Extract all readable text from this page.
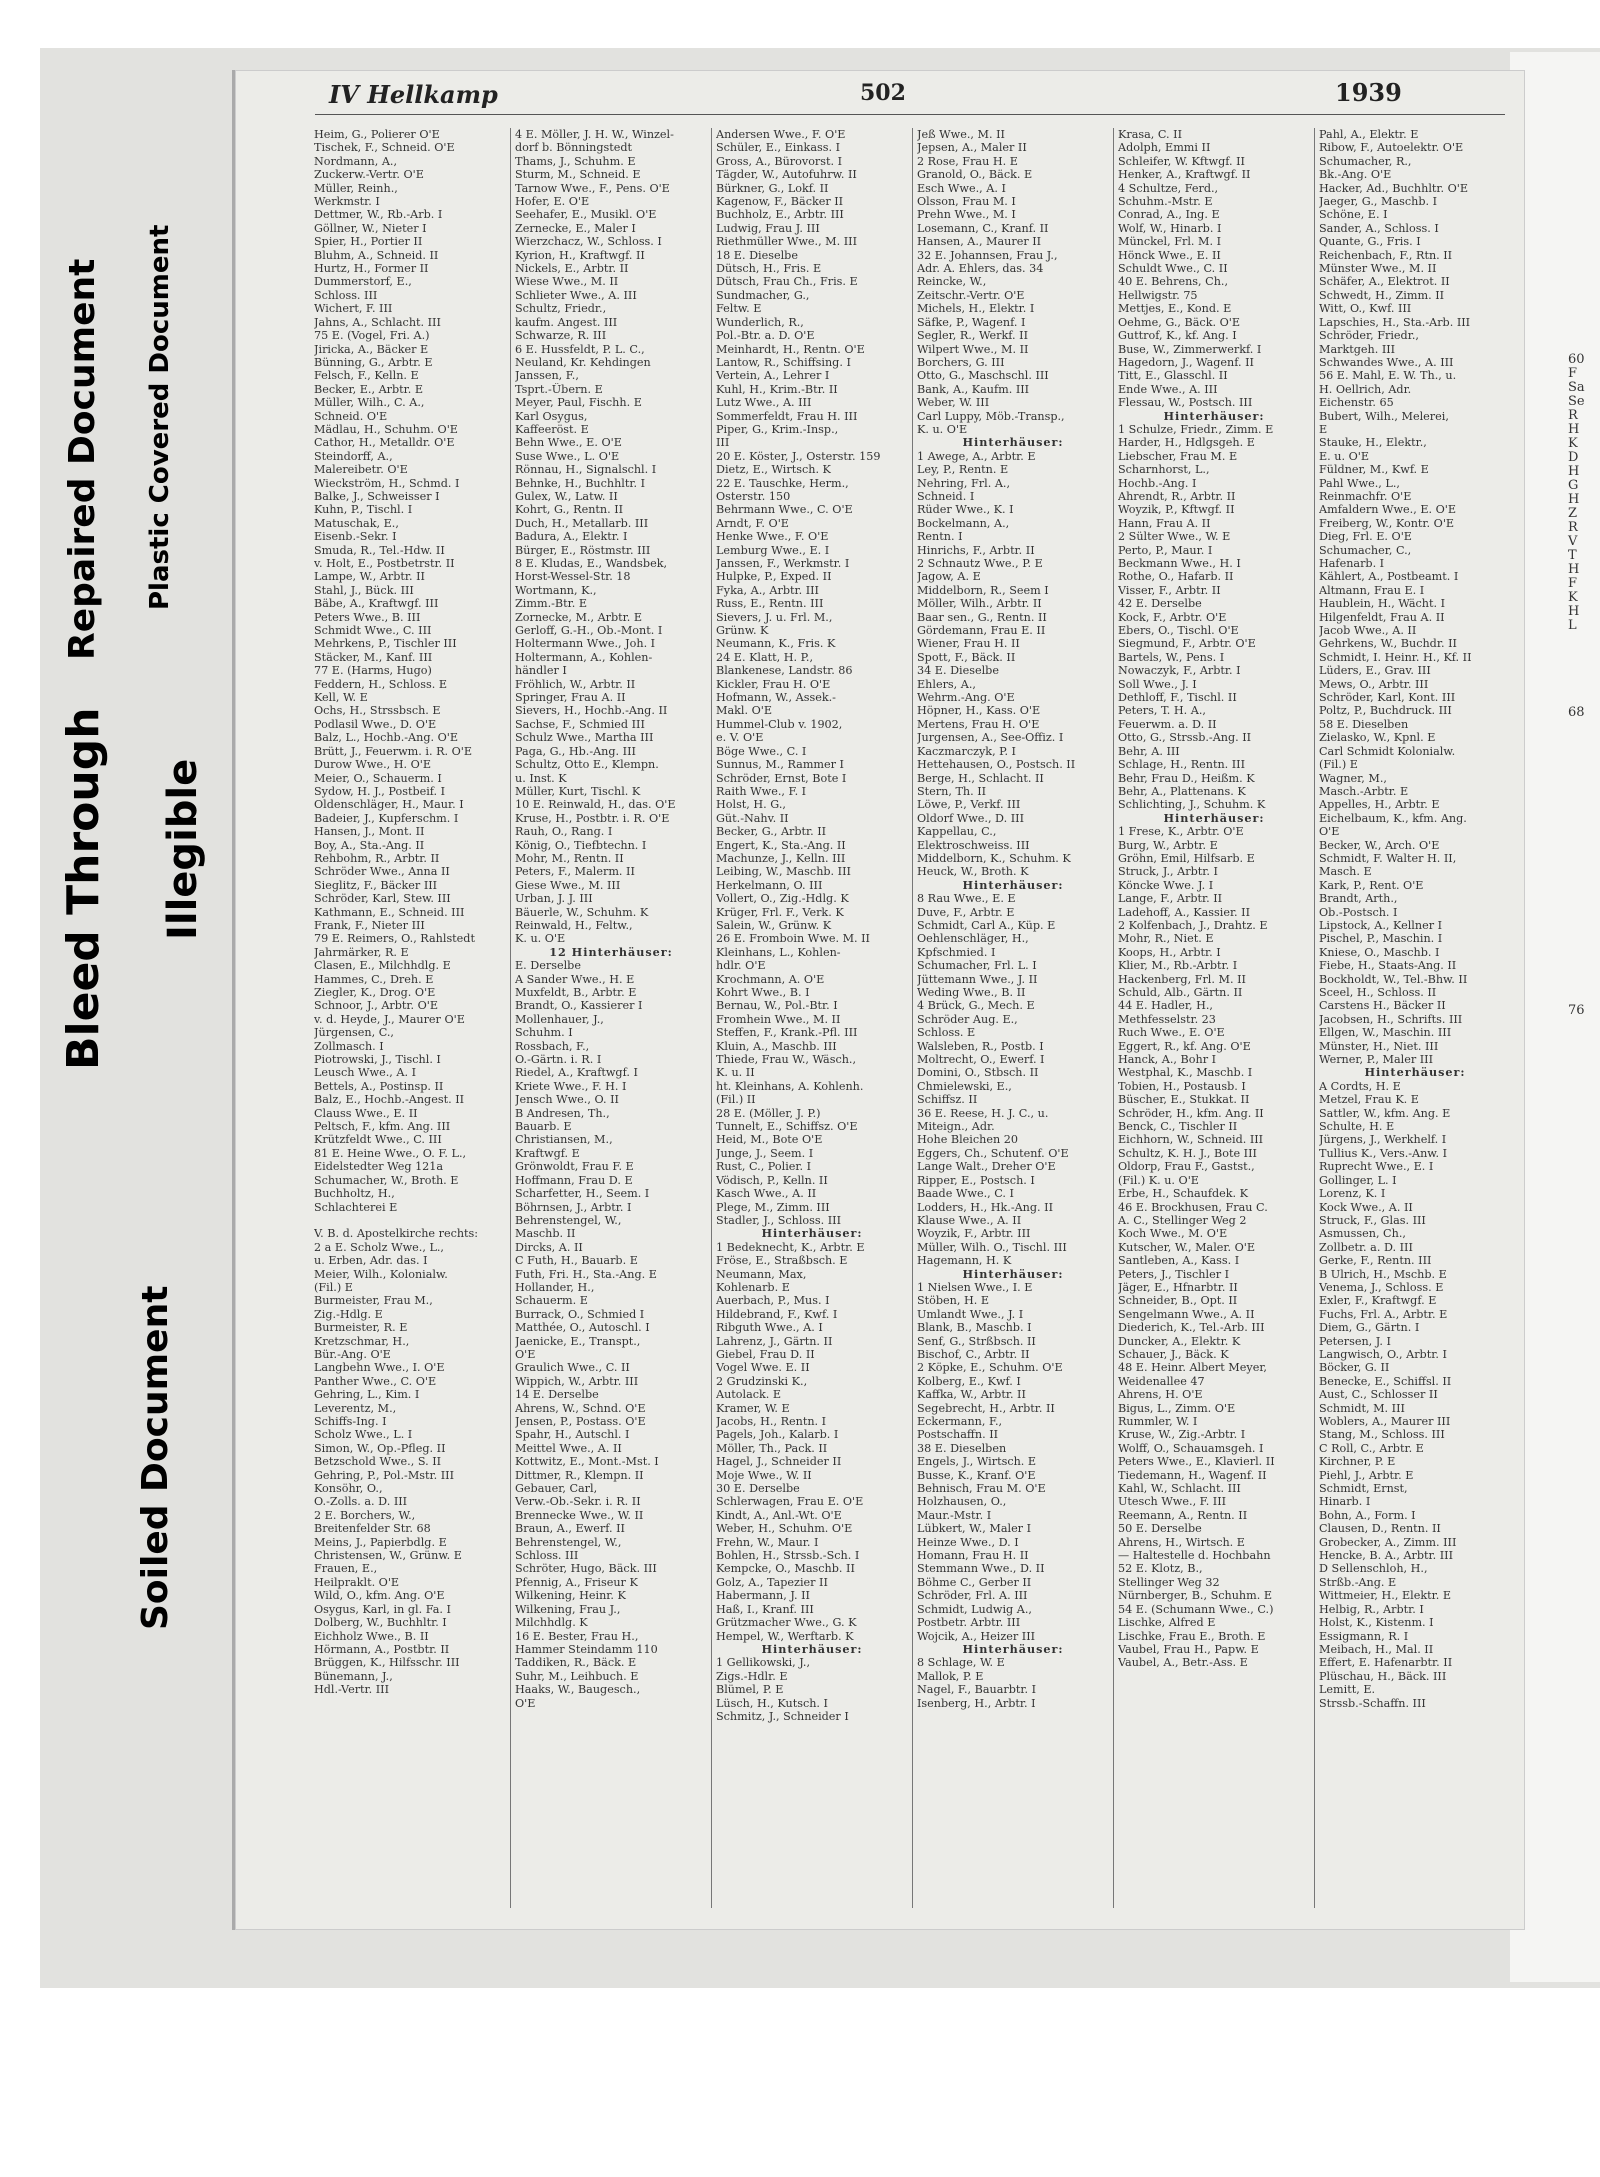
Bleed Through
Repaired Document Plastic Covered Document
Illegible
Soiled Document
60
F
Sa
Se
R
H
K
D
H
G
H
Z
R
V
T
H
F
K
H
L
68
76
IV Hellkamp	502	1939
Heim, G., Polierer O'E
Tischek, F., Schneid. O'E
Nordmann, A.,
Zuckerw.-Vertr. O'E
Müller, Reinh.,
Werkmstr. I
Dettmer, W., Rb.-Arb. I
Göllner, W., Nieter I
Spier, H., Portier II
Bluhm, A., Schneid. II
Hurtz, H., Former II
Dummerstorf, E.,
Schloss. III
Wichert, F. III
Jahns, A., Schlacht. III
75 E. (Vogel, Fri. A.)
Jiricka, A., Bäcker E
Bünning, G., Arbtr. E
Felsch, F., Kelln. E
Becker, E., Arbtr. E
Müller, Wilh., C. A.,
Schneid. O'E
Mädlau, H., Schuhm. O'E
Cathor, H., Metalldr. O'E
Steindorff, A.,
Malereibetr. O'E
Wieckström, H., Schmd. I
Balke, J., Schweisser I
Kuhn, P., Tischl. I
Matuschak, E.,
Eisenb.-Sekr. I
Smuda, R., Tel.-Hdw. II
v. Holt, E., Postbetrstr. II
Lampe, W., Arbtr. II
Stahl, J., Bück. III
Bäbe, A., Kraftwgf. III
Peters Wwe., B. III
Schmidt Wwe., C. III
Mehrkens, P., Tischler III
Stäcker, M., Kanf. III
77 E. (Harms, Hugo)
Feddern, H., Schloss. E
Kell, W. E
Ochs, H., Strssbsch. E
Podlasil Wwe., D. O'E
Balz, L., Hochb.-Ang. O'E
Brütt, J., Feuerwm. i. R. O'E
Durow Wwe., H. O'E
Meier, O., Schauerm. I
Sydow, H. J., Postbeif. I
Oldenschläger, H., Maur. I
Badeier, J., Kupferschm. I
Hansen, J., Mont. II
Boy, A., Sta.-Ang. II
Rehbohm, R., Arbtr. II
Schröder Wwe., Anna II
Sieglitz, F., Bäcker III
Schröder, Karl, Stew. III
Kathmann, E., Schneid. III
Frank, F., Nieter III
79 E. Reimers, O., Rahlstedt
Jahrmärker, R. E
Clasen, E., Milchhdlg. E
Hammes, C., Dreh. E
Ziegler, K., Drog. O'E
Schnoor, J., Arbtr. O'E
v. d. Heyde, J., Maurer O'E
Jürgensen, C.,
Zollmasch. I
Piotrowski, J., Tischl. I
Leusch Wwe., A. I
Bettels, A., Postinsp. II
Balz, E., Hochb.-Angest. II
Clauss Wwe., E. II
Peltsch, F., kfm. Ang. III
Krützfeldt Wwe., C. III
81 E. Heine Wwe., O. F. L.,
Eidelstedter Weg 121a
Schumacher, W., Broth. E
Buchholtz, H.,
Schlachterei E

V. B. d. Apostelkirche rechts:
2 a E. Scholz Wwe., L.,
u. Erben, Adr. das. I
Meier, Wilh., Kolonialw.
(Fil.) E
Burmeister, Frau M.,
Zig.-Hdlg. E
Burmeister, R. E
Kretzschmar, H.,
Bür.-Ang. O'E
Langbehn Wwe., I. O'E
Panther Wwe., C. O'E
Gehring, L., Kim. I
Leverentz, M.,
Schiffs-Ing. I
Scholz Wwe., L. I
Simon, W., Op.-Pfleg. II
Betzschold Wwe., S. II
Gehring, P., Pol.-Mstr. III
Konsöhr, O.,
O.-Zolls. a. D. III
2 E. Borchers, W.,
Breitenfelder Str. 68
Meins, J., Papierbdlg. E
Christensen, W., Grünw. E
Frauen, E.,
Heilpraklt. O'E
Wild, O., kfm. Ang. O'E
Osygus, Karl, in gl. Fa. I
Dolberg, W., Buchhltr. I
Eichholz Wwe., B. II
Hörmann, A., Postbtr. II
Brüggen, K., Hilfsschr. III
Bünemann, J.,
Hdl.-Vertr. III
4 E. Möller, J. H. W., Winzel-
dorf b. Bönningstedt
Thams, J., Schuhm. E
Sturm, M., Schneid. E
Tarnow Wwe., F., Pens. O'E
Hofer, E. O'E
Seehafer, E., Musikl. O'E
Zernecke, E., Maler I
Wierzchacz, W., Schloss. I
Kyrion, H., Kraftwgf. II
Nickels, E., Arbtr. II
Wiese Wwe., M. II
Schlieter Wwe., A. III
Schultz, Friedr.,
kaufm. Angest. III
Schwarze, R. III
6 E. Hussfeldt, P. L. C.,
Neuland, Kr. Kehdingen
Janssen, F.,
Tsprt.-Übern. E
Meyer, Paul, Fischh. E
Karl Osygus,
Kaffeeröst. E
Behn Wwe., E. O'E
Suse Wwe., L. O'E
Rönnau, H., Signalschl. I
Behnke, H., Buchhltr. I
Gulex, W., Latw. II
Kohrt, G., Rentn. II
Duch, H., Metallarb. III
Badura, A., Elektr. I
Bürger, E., Röstmstr. III
8 E. Kludas, E., Wandsbek,
Horst-Wessel-Str. 18
Wortmann, K.,
Zimm.-Btr. E
Zornecke, M., Arbtr. E
Gerloff, G.-H., Ob.-Mont. I
Holtermann Wwe., Joh. I
Holtermann, A., Kohlen-
händler I
Fröhlich, W., Arbtr. II
Springer, Frau A. II
Sievers, H., Hochb.-Ang. II
Sachse, F., Schmied III
Schulz Wwe., Martha III
Paga, G., Hb.-Ang. III
Schultz, Otto E., Klempn.
u. Inst. K
Müller, Kurt, Tischl. K
10 E. Reinwald, H., das. O'E
Kruse, H., Postbtr. i. R. O'E
Rauh, O., Rang. I
König, O., Tiefbtechn. I
Mohr, M., Rentn. II
Peters, F., Malerm. II
Giese Wwe., M. III
Urban, J. J. III
Bäuerle, W., Schuhm. K
Reinwald, H., Feltw.,
K. u. O'E
12 Hinterhäuser:
E. Derselbe
A Sander Wwe., H. E
Muxfeldt, B., Arbtr. E
Brandt, O., Kassierer I
Mollenhauer, J.,
Schuhm. I
Rossbach, F.,
O.-Gärtn. i. R. I
Riedel, A., Kraftwgf. I
Kriete Wwe., F. H. I
Jensch Wwe., O. II
B Andresen, Th.,
Bauarb. E
Christiansen, M.,
Kraftwgf. E
Grönwoldt, Frau F. E
Hoffmann, Frau D. E
Scharfetter, H., Seem. I
Böhrnsen, J., Arbtr. I
Behrenstengel, W.,
Maschb. II
Dircks, A. II
C Futh, H., Bauarb. E
Futh, Fri. H., Sta.-Ang. E
Hollander, H.,
Schauerm. E
Burrack, O., Schmied I
Matthée, O., Autoschl. I
Jaenicke, E., Transpt.,
O'E
Graulich Wwe., C. II
Wippich, W., Arbtr. III
14 E. Derselbe
Ahrens, W., Schnd. O'E
Jensen, P., Postass. O'E
Spahr, H., Autschl. I
Meittel Wwe., A. II
Kottwitz, E., Mont.-Mst. I
Dittmer, R., Klempn. II
Gebauer, Carl,
Verw.-Ob.-Sekr. i. R. II
Brennecke Wwe., W. II
Braun, A., Ewerf. II
Behrenstengel, W.,
Schloss. III
Schröter, Hugo, Bäck. III
Pfennig, A., Friseur K
Wilkening, Heinr. K
Wilkening, Frau J.,
Milchhdlg. K
16 E. Bester, Frau H.,
Hammer Steindamm 110
Taddiken, R., Bäck. E
Suhr, M., Leihbuch. E
Haaks, W., Baugesch.,
O'E
Andersen Wwe., F. O'E
Schüler, E., Einkass. I
Gross, A., Bürovorst. I
Tägder, W., Autofuhrw. II
Bürkner, G., Lokf. II
Kagenow, F., Bäcker II
Buchholz, E., Arbtr. III
Ludwig, Frau J. III
Riethmüller Wwe., M. III
18 E. Dieselbe
Dütsch, H., Fris. E
Dütsch, Frau Ch., Fris. E
Sundmacher, G.,
Feltw. E
Wunderlich, R.,
Pol.-Btr. a. D. O'E
Meinhardt, H., Rentn. O'E
Lantow, R., Schiffsing. I
Vertein, A., Lehrer I
Kuhl, H., Krim.-Btr. II
Lutz Wwe., A. III
Sommerfeldt, Frau H. III
Piper, G., Krim.-Insp.,
III
20 E. Köster, J., Osterstr. 159
Dietz, E., Wirtsch. K
22 E. Tauschke, Herm.,
Osterstr. 150
Behrmann Wwe., C. O'E
Arndt, F. O'E
Henke Wwe., F. O'E
Lemburg Wwe., E. I
Janssen, F., Werkmstr. I
Hulpke, P., Exped. II
Fyka, A., Arbtr. III
Russ, E., Rentn. III
Sievers, J. u. Frl. M.,
Grünw. K
Neumann, K., Fris. K
24 E. Klatt, H. P.,
Blankenese, Landstr. 86
Kickler, Frau H. O'E
Hofmann, W., Assek.-
Makl. O'E
Hummel-Club v. 1902,
e. V. O'E
Böge Wwe., C. I
Sunnus, M., Rammer I
Schröder, Ernst, Bote I
Raith Wwe., F. I
Holst, H. G.,
Güt.-Nahv. II
Becker, G., Arbtr. II
Engert, K., Sta.-Ang. II
Machunze, J., Kelln. III
Leibing, W., Maschb. III
Herkelmann, O. III
Vollert, O., Zig.-Hdlg. K
Krüger, Frl. F., Verk. K
Salein, W., Grünw. K
26 E. Fromboin Wwe. M. II
Kleinhans, L., Kohlen-
hdlr. O'E
Krochmann, A. O'E
Kohrt Wwe., B. I
Bernau, W., Pol.-Btr. I
Fromhein Wwe., M. II
Steffen, F., Krank.-Pfl. III
Kluin, A., Maschb. III
Thiede, Frau W., Wäsch.,
K. u. II
ht. Kleinhans, A. Kohlenh.
(Fil.) II
28 E. (Möller, J. P.)
Tunnelt, E., Schiffsz. O'E
Heid, M., Bote O'E
Junge, J., Seem. I
Rust, C., Polier. I
Vödisch, P., Kelln. II
Kasch Wwe., A. II
Plege, M., Zimm. III
Stadler, J., Schloss. III
Hinterhäuser:
1 Bedeknecht, K., Arbtr. E
Fröse, E., Straßbsch. E
Neumann, Max,
Kohlenarb. E
Auerbach, P., Mus. I
Hildebrand, F., Kwf. I
Ribguth Wwe., A. I
Lahrenz, J., Gärtn. II
Giebel, Frau D. II
Vogel Wwe. E. II
2 Grudzinski K.,
Autolack. E
Kramer, W. E
Jacobs, H., Rentn. I
Pagels, Joh., Kalarb. I
Möller, Th., Pack. II
Hagel, J., Schneider II
Moje Wwe., W. II
30 E. Derselbe
Schlerwagen, Frau E. O'E
Kindt, A., Anl.-Wt. O'E
Weber, H., Schuhm. O'E
Frehn, W., Maur. I
Bohlen, H., Strssb.-Sch. I
Kempcke, O., Maschb. II
Golz, A., Tapezier II
Habermann, J. II
Haß, I., Kranf. III
Grützmacher Wwe., G. K
Hempel, W., Werftarb. K
Hinterhäuser:
1 Gellikowski, J.,
Zigs.-Hdlr. E
Blümel, P. E
Lüsch, H., Kutsch. I
Schmitz, J., Schneider I
Jeß Wwe., M. II
Jepsen, A., Maler II
2 Rose, Frau H. E
Granold, O., Bäck. E
Esch Wwe., A. I
Olsson, Frau M. I
Prehn Wwe., M. I
Losemann, C., Kranf. II
Hansen, A., Maurer II
32 E. Johannsen, Frau J.,
Adr. A. Ehlers, das. 34
Reincke, W.,
Zeitschr.-Vertr. O'E
Michels, H., Elektr. I
Säfke, P., Wagenf. I
Segler, R., Werkf. II
Wilpert Wwe., M. II
Borchers, G. III
Otto, G., Maschschl. III
Bank, A., Kaufm. III
Weber, W. III
Carl Luppy, Möb.-Transp.,
K. u. O'E
Hinterhäuser:
1 Awege, A., Arbtr. E
Ley, P., Rentn. E
Nehring, Frl. A.,
Schneid. I
Rüder Wwe., K. I
Bockelmann, A.,
Rentn. I
Hinrichs, F., Arbtr. II
2 Schnautz Wwe., P. E
Jagow, A. E
Middelborn, R., Seem I
Möller, Wilh., Arbtr. II
Baar sen., G., Rentn. II
Gördemann, Frau E. II
Wiener, Frau H. II
Spott, F., Bäck. II
34 E. Dieselbe
Ehlers, A.,
Wehrm.-Ang. O'E
Höpner, H., Kass. O'E
Mertens, Frau H. O'E
Jurgensen, A., See-Offiz. I
Kaczmarczyk, P. I
Hettehausen, O., Postsch. II
Berge, H., Schlacht. II
Stern, Th. II
Löwe, P., Verkf. III
Oldorf Wwe., D. III
Kappellau, C.,
Elektroschweiss. III
Middelborn, K., Schuhm. K
Heuck, W., Broth. K
Hinterhäuser:
8 Rau Wwe., E. E
Duve, F., Arbtr. E
Schmidt, Carl A., Küp. E
Oehlenschläger, H.,
Kpfschmied. I
Schumacher, Frl. L. I
Jüttemann Wwe., J. II
Weding Wwe., B. II
4 Brück, G., Mech. E
Schröder Aug. E.,
Schloss. E
Walsleben, R., Postb. I
Moltrecht, O., Ewerf. I
Domini, O., Stbsch. II
Chmielewski, E.,
Schiffsz. II
36 E. Reese, H. J. C., u.
Miteign., Adr.
Hohe Bleichen 20
Eggers, Ch., Schutenf. O'E
Lange Walt., Dreher O'E
Ripper, E., Postsch. I
Baade Wwe., C. I
Lodders, H., Hk.-Ang. II
Klause Wwe., A. II
Woyzik, F., Arbtr. III
Müller, Wilh. O., Tischl. III
Hagemann, H. K
Hinterhäuser:
1 Nielsen Wwe., I. E
Stöben, H. E
Umlandt Wwe., J. I
Blank, B., Maschb. I
Senf, G., Strßbsch. II
Bischof, C., Arbtr. II
2 Köpke, E., Schuhm. O'E
Kolberg, E., Kwf. I
Kaffka, W., Arbtr. II
Segebrecht, H., Arbtr. II
Eckermann, F.,
Postschaffn. II
38 E. Dieselben
Engels, J., Wirtsch. E
Busse, K., Kranf. O'E
Behnisch, Frau M. O'E
Holzhausen, O.,
Maur.-Mstr. I
Lübkert, W., Maler I
Heinze Wwe., D. I
Homann, Frau H. II
Stemmann Wwe., D. II
Böhme C., Gerber II
Schröder, Frl. A. III
Schmidt, Ludwig A.,
Postbetr. Arbtr. III
Wojcik, A., Heizer III
Hinterhäuser:
8 Schlage, W. E
Mallok, P. E
Nagel, F., Bauarbtr. I
Isenberg, H., Arbtr. I
Krasa, C. II
Adolph, Emmi II
Schleifer, W. Kftwgf. II
Henker, A., Kraftwgf. II
4 Schultze, Ferd.,
Schuhm.-Mstr. E
Conrad, A., Ing. E
Wolf, W., Hinarb. I
Münckel, Frl. M. I
Hönck Wwe., E. II
Schuldt Wwe., C. II
40 E. Behrens, Ch.,
Hellwigstr. 75
Mettjes, E., Kond. E
Oehme, G., Bäck. O'E
Guttrof, K., kf. Ang. I
Buse, W., Zimmerwerkf. I
Hagedorn, J., Wagenf. II
Titt, E., Glasschl. II
Ende Wwe., A. III
Flessau, W., Postsch. III
Hinterhäuser:
1 Schulze, Friedr., Zimm. E
Harder, H., Hdlgsgeh. E
Liebscher, Frau M. E
Scharnhorst, L.,
Hochb.-Ang. I
Ahrendt, R., Arbtr. II
Woyzik, P., Kftwgf. II
Hann, Frau A. II
2 Sülter Wwe., W. E
Perto, P., Maur. I
Beckmann Wwe., H. I
Rothe, O., Hafarb. II
Visser, F., Arbtr. II
42 E. Derselbe
Kock, F., Arbtr. O'E
Ebers, O., Tischl. O'E
Siegmund, F., Arbtr. O'E
Bartels, W., Pens. I
Nowaczyk, F., Arbtr. I
Soll Wwe., J. I
Dethloff, F., Tischl. II
Peters, T. H. A.,
Feuerwm. a. D. II
Otto, G., Strssb.-Ang. II
Behr, A. III
Schlage, H., Rentn. III
Behr, Frau D., Heißm. K
Behr, A., Plattenans. K
Schlichting, J., Schuhm. K
Hinterhäuser:
1 Frese, K., Arbtr. O'E
Burg, W., Arbtr. E
Gröhn, Emil, Hilfsarb. E
Struck, J., Arbtr. I
Köncke Wwe. J. I
Lange, F., Arbtr. II
Ladehoff, A., Kassier. II
2 Kolfenbach, J., Drahtz. E
Mohr, R., Niet. E
Koops, H., Arbtr. I
Klier, M., Rb.-Arbtr. I
Hackenberg, Frl. M. II
Schuld, Alb., Gärtn. II
44 E. Hadler, H.,
Methfesselstr. 23
Ruch Wwe., E. O'E
Eggert, R., kf. Ang. O'E
Hanck, A., Bohr I
Westphal, K., Maschb. I
Tobien, H., Postausb. I
Büscher, E., Stukkat. II
Schröder, H., kfm. Ang. II
Benck, C., Tischler II
Eichhorn, W., Schneid. III
Schultz, K. H. J., Bote III
Oldorp, Frau F., Gastst.,
(Fil.) K. u. O'E
Erbe, H., Schaufdek. K
46 E. Brockhusen, Frau C.
A. C., Stellinger Weg 2
Koch Wwe., M. O'E
Kutscher, W., Maler. O'E
Santleben, A., Kass. I
Peters, J., Tischler I
Jäger, E., Hfnarbtr. II
Schneider, B., Opt. II
Sengelmann Wwe., A. II
Diederich, K., Tel.-Arb. III
Duncker, A., Elektr. K
Schauer, J., Bäck. K
48 E. Heinr. Albert Meyer,
Weidenallee 47
Ahrens, H. O'E
Bigus, L., Zimm. O'E
Rummler, W. I
Kruse, W., Zig.-Arbtr. I
Wolff, O., Schauamsgeh. I
Peters Wwe., E., Klavierl. II
Tiedemann, H., Wagenf. II
Kahl, W., Schlacht. III
Utesch Wwe., F. III
Reemann, A., Rentn. II
50 E. Derselbe
Ahrens, H., Wirtsch. E
— Haltestelle d. Hochbahn
52 E. Klotz, B.,
Stellinger Weg 32
Nürnberger, B., Schuhm. E
54 E. (Schumann Wwe., C.)
Lischke, Alfred E
Lischke, Frau E., Broth. E
Vaubel, Frau H., Papw. E
Vaubel, A., Betr.-Ass. E
Pahl, A., Elektr. E
Ribow, F., Autoelektr. O'E
Schumacher, R.,
Bk.-Ang. O'E
Hacker, Ad., Buchhltr. O'E
Jaeger, G., Maschb. I
Schöne, E. I
Sander, A., Schloss. I
Quante, G., Fris. I
Reichenbach, F., Rtn. II
Münster Wwe., M. II
Schäfer, A., Elektrot. II
Schwedt, H., Zimm. II
Witt, O., Kwf. III
Lapschies, H., Sta.-Arb. III
Schröder, Friedr.,
Marktgeh. III
Schwandes Wwe., A. III
56 E. Mahl, E. W. Th., u.
H. Oellrich, Adr.
Eichenstr. 65
Bubert, Wilh., Melerei,
E
Stauke, H., Elektr.,
E. u. O'E
Füldner, M., Kwf. E
Pahl Wwe., L.,
Reinmachfr. O'E
Amfaldern Wwe., E. O'E
Freiberg, W., Kontr. O'E
Dieg, Frl. E. O'E
Schumacher, C.,
Hafenarb. I
Kählert, A., Postbeamt. I
Altmann, Frau E. I
Haublein, H., Wächt. I
Hilgenfeldt, Frau A. II
Jacob Wwe., A. II
Gehrkens, W., Buchdr. II
Schmidt, I. Heinr. H., Kf. II
Lüders, E., Grav. III
Mews, O., Arbtr. III
Schröder, Karl, Kont. III
Poltz, P., Buchdruck. III
58 E. Dieselben
Zielasko, W., Kpnl. E
Carl Schmidt Kolonialw.
(Fil.) E
Wagner, M.,
Masch.-Arbtr. E
Appelles, H., Arbtr. E
Eichelbaum, K., kfm. Ang.
O'E
Becker, W., Arch. O'E
Schmidt, F. Walter H. II,
Masch. E
Kark, P., Rent. O'E
Brandt, Arth.,
Ob.-Postsch. I
Lipstock, A., Kellner I
Pischel, P., Maschin. I
Kniese, O., Maschb. I
Fiebe, H., Staats-Ang. II
Bockholdt, W., Tel.-Bhw. II
Sceel, H., Schloss. II
Carstens H., Bäcker II
Jacobsen, H., Schrifts. III
Ellgen, W., Maschin. III
Münster, H., Niet. III
Werner, P., Maler III
Hinterhäuser:
A Cordts, H. E
Metzel, Frau K. E
Sattler, W., kfm. Ang. E
Schulte, H. E
Jürgens, J., Werkhelf. I
Tullius K., Vers.-Anw. I
Ruprecht Wwe., E. I
Gollinger, L. I
Lorenz, K. I
Kock Wwe., A. II
Struck, F., Glas. III
Asmussen, Ch.,
Zollbetr. a. D. III
Gerke, F., Rentn. III
B Ulrich, H., Mschb. E
Venema, J., Schloss. E
Exler, F., Kraftwgf. E
Fuchs, Frl. A., Arbtr. E
Diem, G., Gärtn. I
Petersen, J. I
Langwisch, O., Arbtr. I
Böcker, G. II
Benecke, E., Schiffsl. II
Aust, C., Schlosser II
Schmidt, M. III
Woblers, A., Maurer III
Stang, M., Schloss. III
C Roll, C., Arbtr. E
Kirchner, P. E
Piehl, J., Arbtr. E
Schmidt, Ernst,
Hinarb. I
Bohn, A., Form. I
Clausen, D., Rentn. II
Grobecker, A., Zimm. III
Hencke, B. A., Arbtr. III
D Sellenschloh, H.,
Strßb.-Ang. E
Wittmeier, H., Elektr. E
Helbig, R., Arbtr. I
Holst, K., Kistenm. I
Essigmann, R. I
Meibach, H., Mal. II
Effert, E. Hafenarbtr. II
Plüschau, H., Bäck. III
Lemitt, E.
Strssb.-Schaffn. III
